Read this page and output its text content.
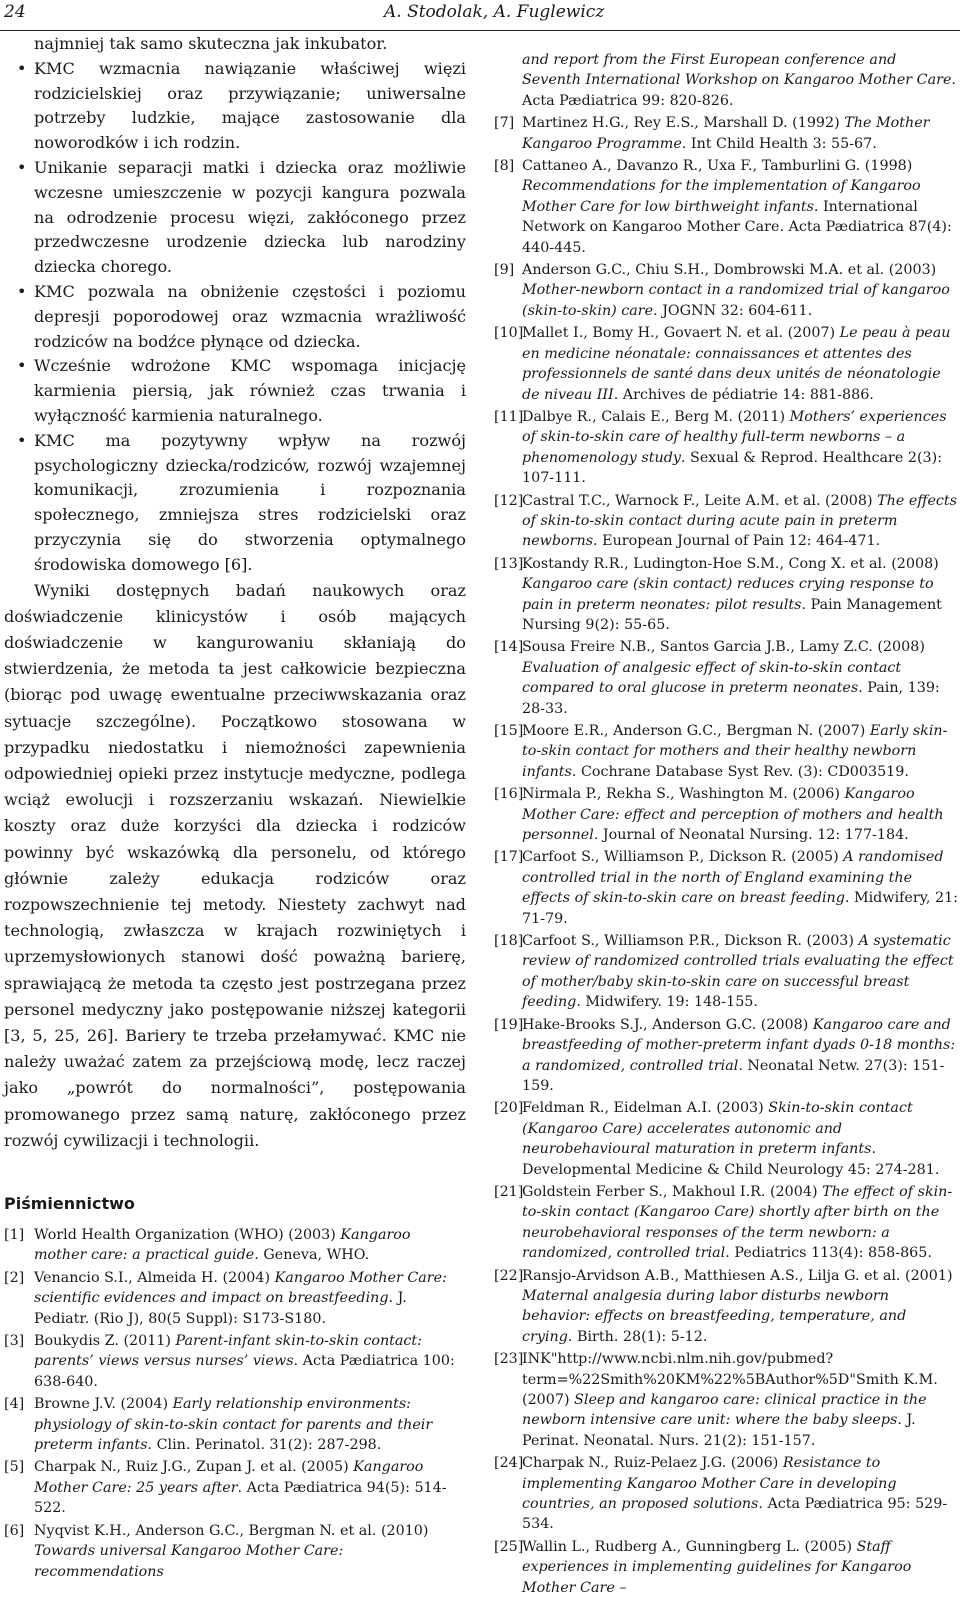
24	A. Stodolak, A. Fuglewicz
najmniej tak samo skuteczna jak inkubator.
• KMC wzmacnia nawiązanie właściwej więzi rodzicielskiej oraz przywiązanie; uniwersalne potrzeby ludzkie, mające zastosowanie dla noworodków i ich rodzin.
• Unikanie separacji matki i dziecka oraz możliwie wczesne umieszczenie w pozycji kangura pozwala na odrodzenie procesu więzi, zakłóconego przez przedwczesne urodzenie dziecka lub narodziny dziecka chorego.
• KMC pozwala na obniżenie częstości i poziomu depresji poporodowej oraz wzmacnia wrażliwość rodziców na bodźce płynące od dziecka.
• Wcześnie wdrożone KMC wspomaga inicjację karmienia piersią, jak również czas trwania i wyłączność karmienia naturalnego.
• KMC ma pozytywny wpływ na rozwój psychologiczny dziecka/rodziców, rozwój wzajemnej komunikacji, zrozumienia i rozpoznania społecznego, zmniejsza stres rodzicielski oraz przyczynia się do stworzenia optymalnego środowiska domowego [6].

Wyniki dostępnych badań naukowych oraz doświadczenie klinicystów i osób mających doświadczenie w kangurowaniu skłaniają do stwierdzenia, że metoda ta jest całkowicie bezpieczna (biorąc pod uwagę ewentualne przeciwwskazania oraz sytuacje szczególne). Początkowo stosowana w przypadku niedostatku i niemożności zapewnienia odpowiedniej opieki przez instytucje medyczne, podlega wciąż ewolucji i rozszerzaniu wskazań. Niewielkie koszty oraz duże korzyści dla dziecka i rodziców powinny być wskazówką dla personelu, od którego głównie zależy edukacja rodziców oraz rozpowszechnienie tej metody. Niestety zachwyt nad technologią, zwłaszcza w krajach rozwiniętych i uprzemysłowionych stanowi dość poważną barierę, sprawiającą że metoda ta często jest postrzegana przez personel medyczny jako postępowanie niższej kategorii [3, 5, 25, 26]. Bariery te trzeba przełamywać. KMC nie należy uważać zatem za przejściową modę, lecz raczej jako „powrót do normalności”, postępowania promowanego przez samą naturę, zakłóconego przez rozwój cywilizacji i technologii.

Piśmiennictwo
[1] World Health Organization (WHO) (2003) Kangaroo mother care: a practical guide. Geneva, WHO.
[2] Venancio S.I., Almeida H. (2004) Kangaroo Mother Care: scientific evidences and impact on breastfeeding. J. Pediatr. (Rio J), 80(5 Suppl): S173-S180.
[3] Boukydis Z. (2011) Parent-infant skin-to-skin contact: parents’ views versus nurses’ views. Acta Pædiatrica 100: 638-640.
[4] Browne J.V. (2004) Early relationship environments: physiology of skin-to-skin contact for parents and their preterm infants. Clin. Perinatol. 31(2): 287-298.
[5] Charpak N., Ruiz J.G., Zupan J. et al. (2005) Kangaroo Mother Care: 25 years after. Acta Pædiatrica 94(5): 514-522.
[6] Nyqvist K.H., Anderson G.C., Bergman N. et al. (2010) Towards universal Kangaroo Mother Care: recommendations
and report from the First European conference and Seventh International Workshop on Kangaroo Mother Care. Acta Pædiatrica 99: 820-826.
[7] Martinez H.G., Rey E.S., Marshall D. (1992) The Mother Kangaroo Programme. Int Child Health 3: 55-67.
[8] Cattaneo A., Davanzo R., Uxa F., Tamburlini G. (1998) Recommendations for the implementation of Kangaroo Mother Care for low birthweight infants. International Network on Kangaroo Mother Care. Acta Pædiatrica 87(4): 440-445.
[9] Anderson G.C., Chiu S.H., Dombrowski M.A. et al. (2003) Mother-newborn contact in a randomized trial of kangaroo (skin-to-skin) care. JOGNN 32: 604-611.
[10]
Mallet I., Bomy H., Govaert N. et al. (2007) Le peau à peau en medicine néonatale: connaissances et attentes des professionnels de santé dans deux unités de néonatologie de niveau III. Archives de pédiatrie 14: 881-886.
[11]
Dalbye R., Calais E., Berg M. (2011) Mothers’ experiences of skin-to-skin care of healthy full-term newborns – a phenomenology study. Sexual & Reprod. Healthcare 2(3): 107-111.
[12]
Castral T.C., Warnock F., Leite A.M. et al. (2008) The effects of skin-to-skin contact during acute pain in preterm newborns. European Journal of Pain 12: 464-471.
[13]
Kostandy R.R., Ludington-Hoe S.M., Cong X. et al. (2008) Kangaroo care (skin contact) reduces crying response to pain in preterm neonates: pilot results. Pain Management Nursing 9(2): 55-65.
[14]
Sousa Freire N.B., Santos Garcia J.B., Lamy Z.C. (2008) Evaluation of analgesic effect of skin-to-skin contact compared to oral glucose in preterm neonates. Pain, 139: 28-33.
[15]
Moore E.R., Anderson G.C., Bergman N. (2007) Early skin-to-skin contact for mothers and their healthy newborn infants. Cochrane Database Syst Rev. (3): CD003519.
[16]
Nirmala P., Rekha S., Washington M. (2006) Kangaroo Mother Care: effect and perception of mothers and health personnel. Journal of Neonatal Nursing. 12: 177-184.
[17]
Carfoot S., Williamson P., Dickson R. (2005) A randomised controlled trial in the north of England examining the effects of skin-to-skin care on breast feeding. Midwifery, 21: 71-79.
[18]
Carfoot S., Williamson P.R., Dickson R. (2003) A systematic review of randomized controlled trials evaluating the effect of mother/baby skin-to-skin care on successful breast feeding. Midwifery. 19: 148-155.
[19]
Hake-Brooks S.J., Anderson G.C. (2008) Kangaroo care and breastfeeding of mother-preterm infant dyads 0-18 months: a randomized, controlled trial. Neonatal Netw. 27(3): 151-159.
[20]
Feldman R., Eidelman A.I. (2003) Skin-to-skin contact (Kangaroo Care) accelerates autonomic and neurobehavioural maturation in preterm infants. Developmental Medicine & Child Neurology 45: 274-281.
[21]
Goldstein Ferber S., Makhoul I.R. (2004) The effect of skin-to-skin contact (Kangaroo Care) shortly after birth on the neurobehavioral responses of the term newborn: a randomized, controlled trial. Pediatrics 113(4): 858-865.
[22]
Ransjo-Arvidson A.B., Matthiesen A.S., Lilja G. et al. (2001) Maternal analgesia during labor disturbs newborn behavior: effects on breastfeeding, temperature, and crying. Birth. 28(1): 5-12.
[23]
INK"http://www.ncbi.nlm.nih.gov/pubmed?term=%22Smith%20KM%22%5BAuthor%5D"Smith K.M. (2007) Sleep and kangaroo care: clinical practice in the newborn intensive care unit: where the baby sleeps. J. Perinat. Neonatal. Nurs. 21(2): 151-157.
[24]
Charpak N., Ruiz-Pelaez J.G. (2006) Resistance to implementing Kangaroo Mother Care in developing countries, an proposed solutions. Acta Pædiatrica 95: 529-534.
[25]
Wallin L., Rudberg A., Gunningberg L. (2005) Staff experiences in implementing guidelines for Kangaroo Mother Care –
